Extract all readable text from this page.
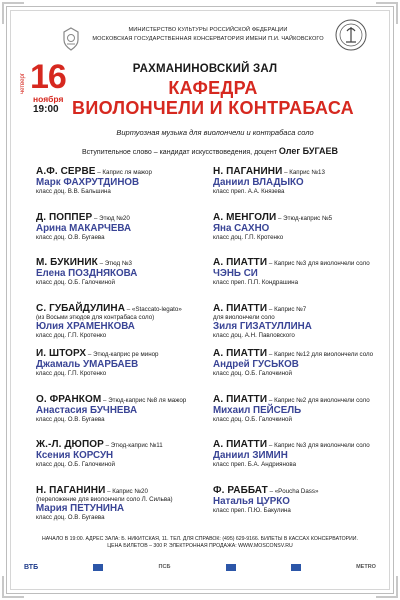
МИНИСТЕРСТВО КУЛЬТУРЫ РОССИЙСКОЙ ФЕДЕРАЦИИ
МОСКОВСКАЯ ГОСУДАРСТВЕННАЯ КОНСЕРВАТОРИЯ ИМЕНИ П.И. ЧАЙКОВСКОГО
четверг 16
ноября
19:00
РАХМАНИНОВСКИЙ ЗАЛ
КАФЕДРА
ВИОЛОНЧЕЛИ И КОНТРАБАСА
Виртуозная музыка для виолончели и контрабаса соло
Вступительное слово – кандидат искусствоведения, доцент Олег БУГАЕВ
А.Ф. СЕРВЕ – Каприс ля мажор
Марк ФАХРУТДИНОВ
класс доц. В.В. Бальшина
Д. ПОППЕР – Этюд №20
Арина МАКАРЧЕВА
класс доц. О.В. Бугаева
М. БУКИНИК – Этюд №3
Елена ПОЗДНЯКОВА
класс доц. О.Б. Галочкиной
С. ГУБАЙДУЛИНА – «Staccato-legato»
(из Восьми этюдов для контрабаса соло)
Юлия ХРАМЕНКОВА
класс доц. Г.П. Кротенко
И. ШТОРХ – Этюд-каприс ре минор
Джамаль УМАРБАЕВ
класс доц. Г.П. Кротенко
О. ФРАНКОМ – Этюд-каприс №8 ля мажор
Анастасия БУЧНЕВА
класс доц. О.В. Бугаева
Ж.-Л. ДЮПОР – Этюд-каприс №11
Ксения КОРСУН
класс доц. О.Б. Галочкиной
Н. ПАГАНИНИ – Каприс №20
(переложение для виолончели соло Л. Сильва)
Мария ПЕТУНИНА
класс доц. О.В. Бугаева
Н. ПАГАНИНИ – Каприс №13
Даниил ВЛАДЫКО
класс преп. А.А. Князева
А. МЕНГОЛИ – Этюд-каприс №5
Яна САХНО
класс доц. Г.П. Кротенко
А. ПИАТТИ – Каприс №3 для виолончели соло
ЧЭНЬ СИ
класс преп. П.П. Кондрашина
А. ПИАТТИ – Каприс №7
для виолончели соло
Зиля ГИЗАТУЛЛИНА
класс доц. А.Н. Павловского
А. ПИАТТИ – Каприс №12 для виолончели соло
Андрей ГУСЬКОВ
класс доц. О.Б. Галочкиной
А. ПИАТТИ – Каприс №2 для виолончели соло
Михаил ПЕЙСЕЛЬ
класс доц. О.Б. Галочкиной
А. ПИАТТИ – Каприс №3 для виолончели соло
Даниил ЗИМИН
класс преп. Б.А. Андриянова
Ф. РАББАТ – «Poucha Dass»
Наталья ЦУРКО
класс преп. П.Ю. Бакулина
НАЧАЛО В 19:00. АДРЕС ЗАЛА: Б. НИКИТСКАЯ, 11. ТЕЛ. ДЛЯ СПРАВОК: (495) 629-9166. БИЛЕТЫ В КАССАХ КОНСЕРВАТОРИИ.
ЦЕНА БИЛЕТОВ – 300 Р. ЭЛЕКТРОННАЯ ПРОДАЖА: WWW.MOSCONSV.RU
ВТБ	ПСБ	METRO
